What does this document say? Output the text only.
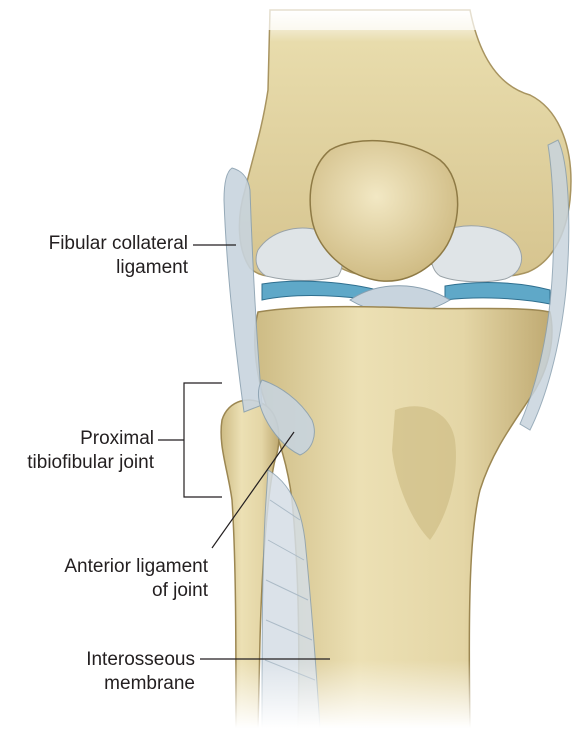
Fibular collateral
ligament
Proximal
tibiofibular joint
Anterior ligament
of joint
Interosseous
membrane
